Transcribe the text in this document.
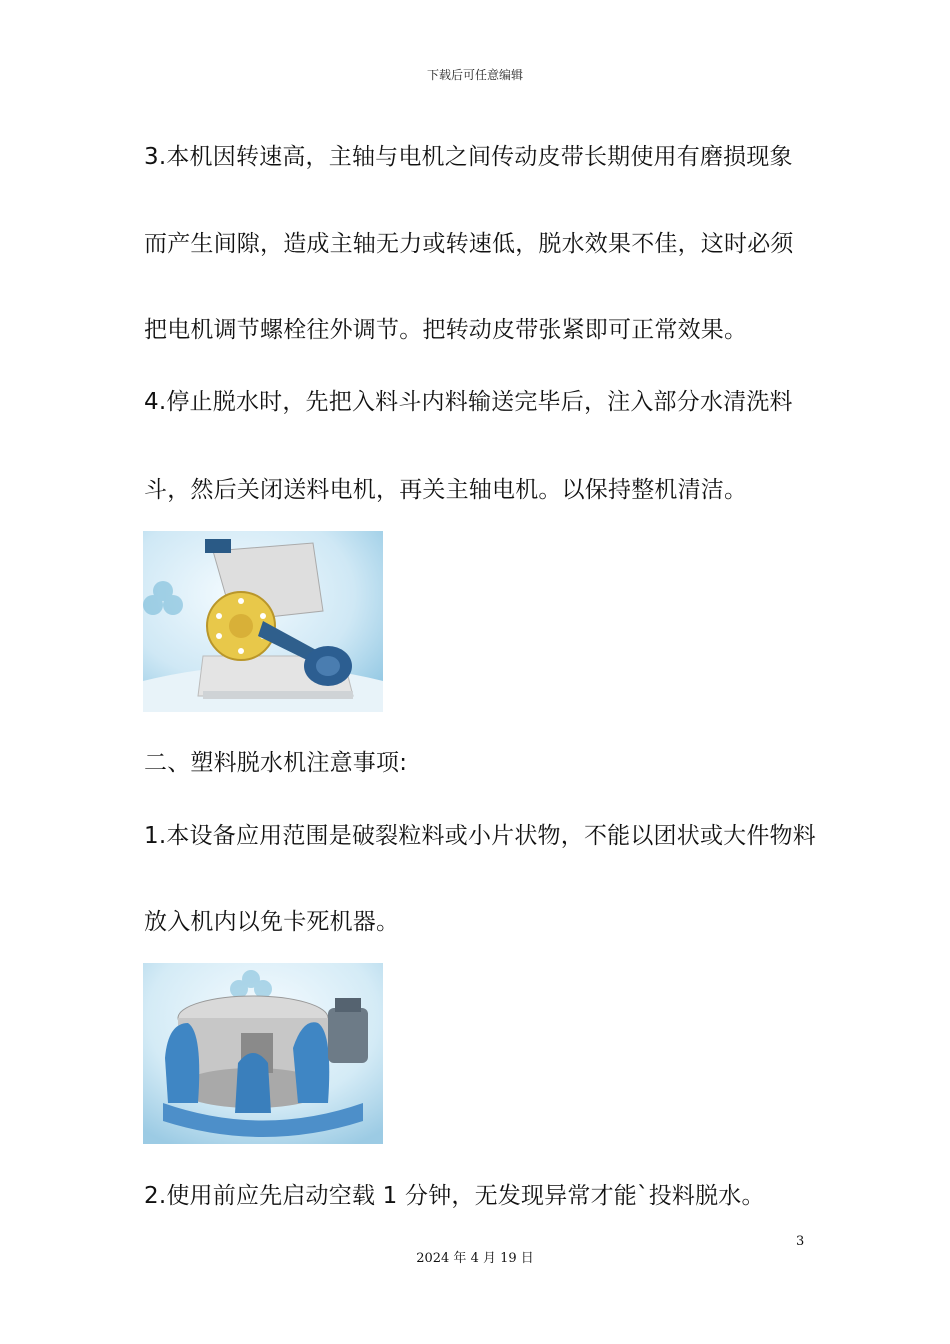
下载后可任意编辑
3.本机因转速高，主轴与电机之间传动皮带长期使用有磨损现象
而产生间隙，造成主轴无力或转速低，脱水效果不佳，这时必须
把电机调节螺栓往外调节。把转动皮带张紧即可正常效果。
4.停止脱水时，先把入料斗内料输送完毕后，注入部分水清洗料
斗，然后关闭送料电机，再关主轴电机。以保持整机清洁。
二、塑料脱水机注意事项:
1.本设备应用范围是破裂粒料或小片状物，不能以团状或大件物料
放入机内以免卡死机器。
2.使用前应先启动空载 1 分钟，无发现异常才能`投料脱水。
3
2024 年 4 月 19 日
